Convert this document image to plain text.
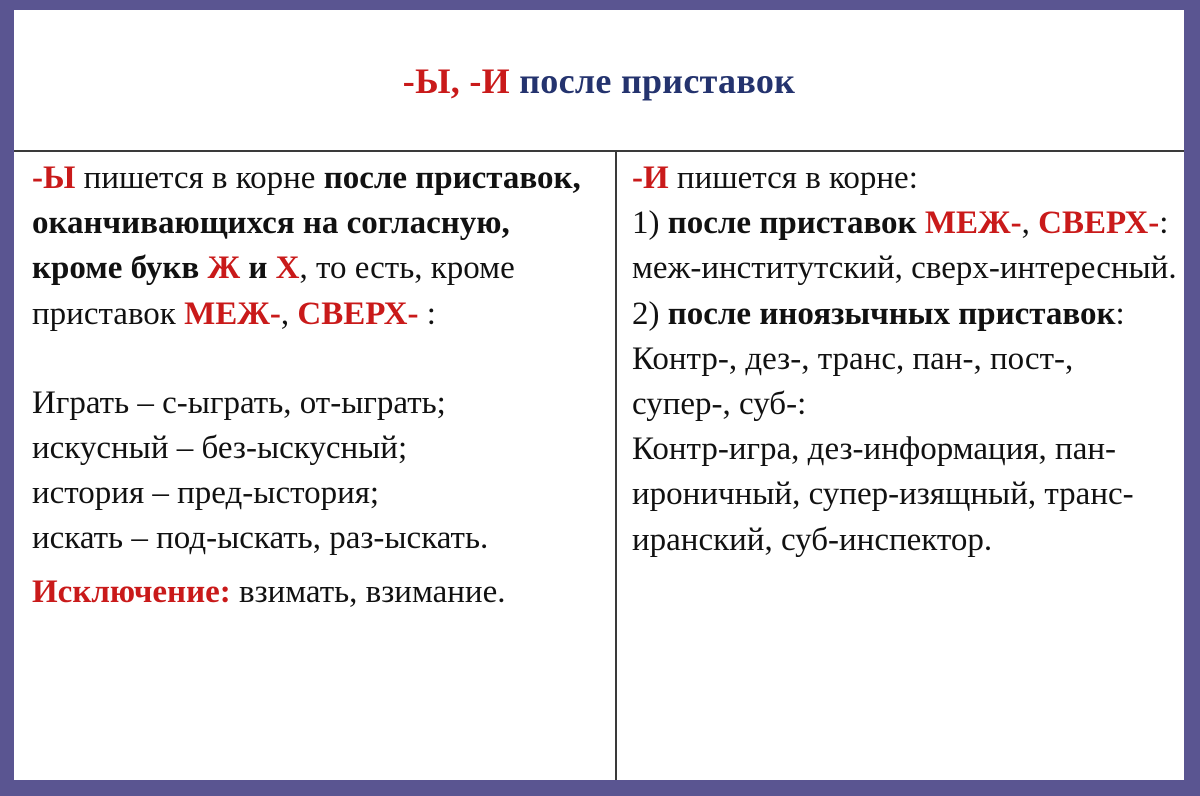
-Ы, -И после приставок

-Ы пишется в корне после приставок, оканчивающихся на согласную, кроме букв Ж и Х, то есть, кроме приставок МЕЖ-, СВЕРХ- :

Играть – с-ыграть, от-ыграть;

искусный – без-ыскусный;

история – пред-ыстория;

искать – под-ыскать, раз-ыскать.

Исключение: взимать, взимание.

-И пишется в корне:

1) после приставок МЕЖ-, СВЕРХ-:

меж-институтский, сверх-интересный.

2) после иноязычных приставок:

Контр-, дез-, транс, пан-, пост-, супер-, суб-:

Контр-игра, дез-информация, пан-ироничный, супер-изящный, транс-иранский, суб-инспектор.
